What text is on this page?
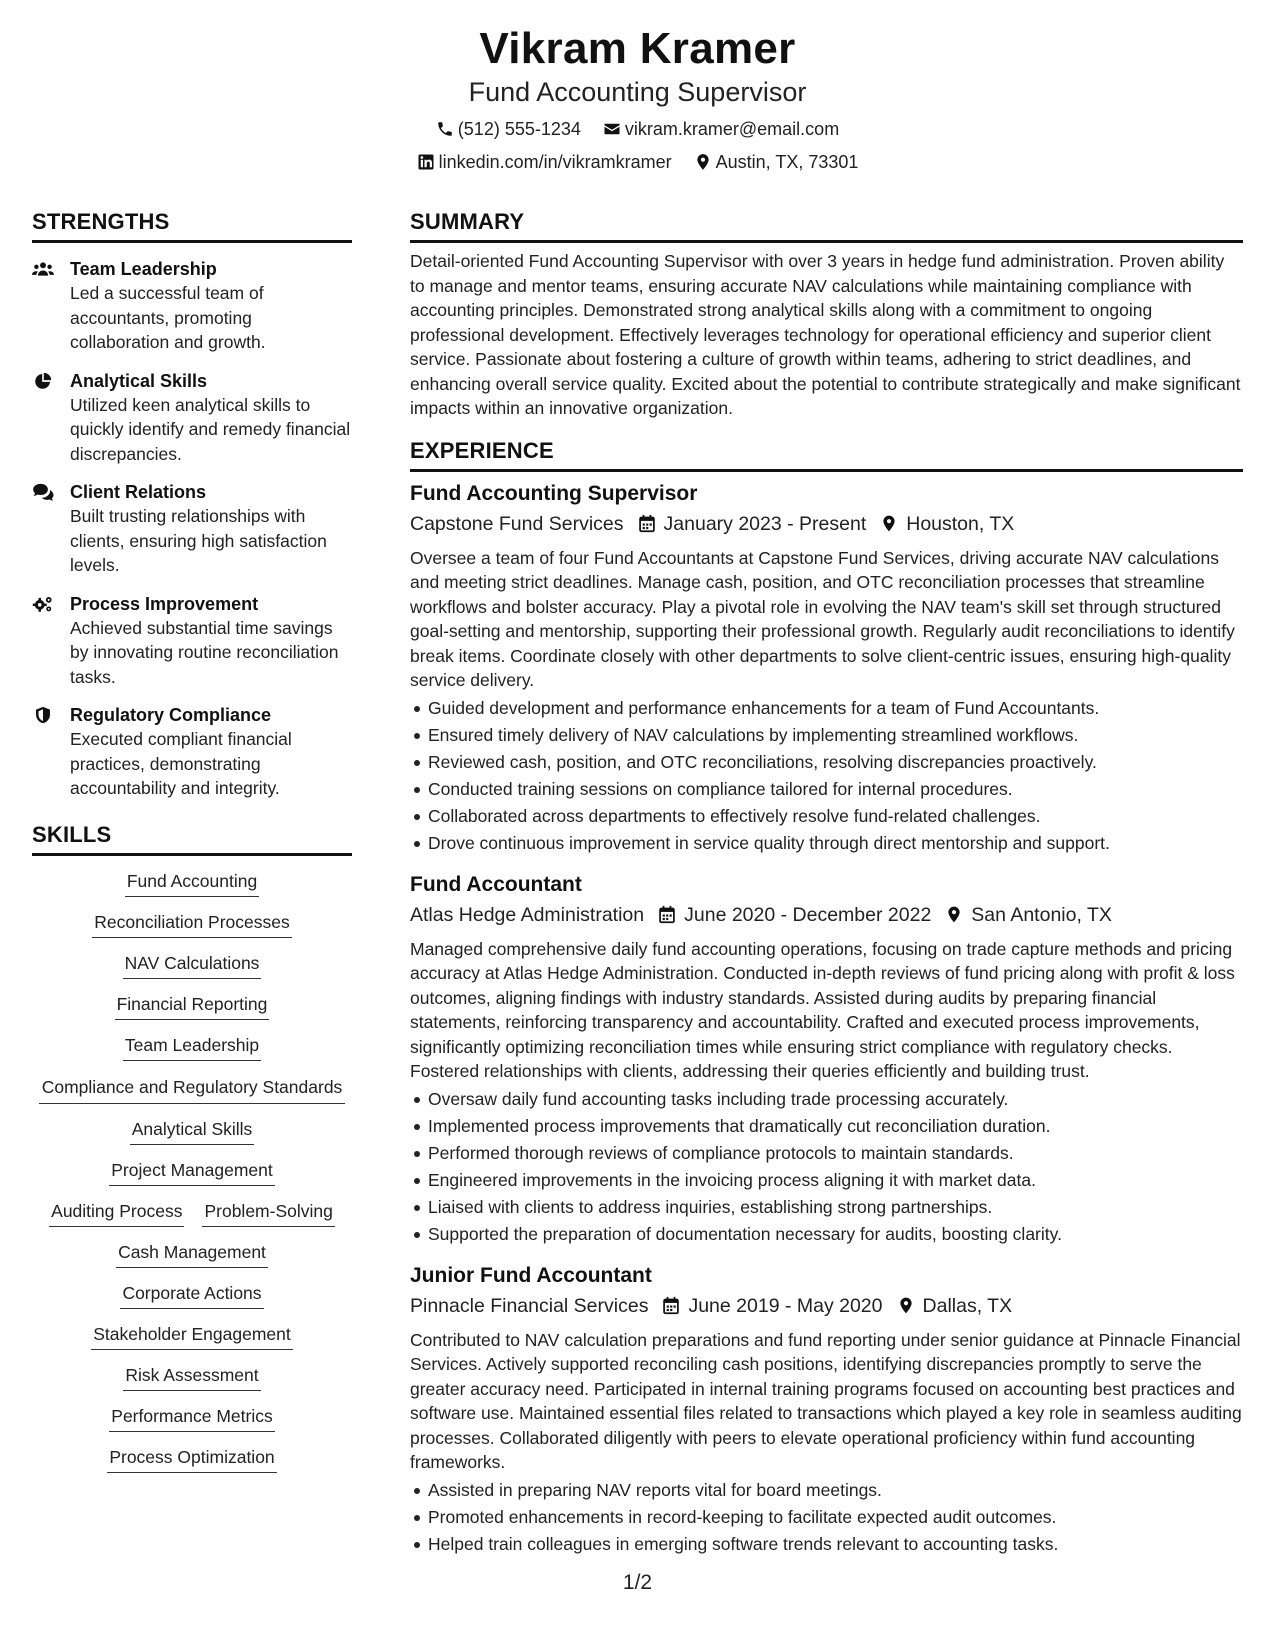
Vikram Kramer
Fund Accounting Supervisor
(512) 555-1234 vikram.kramer@email.com
linkedin.com/in/vikramkramer Austin, TX, 73301
STRENGTHS
Team Leadership
Led a successful team of accountants, promoting collaboration and growth.
Analytical Skills
Utilized keen analytical skills to quickly identify and remedy financial discrepancies.
Client Relations
Built trusting relationships with clients, ensuring high satisfaction levels.
Process Improvement
Achieved substantial time savings by innovating routine reconciliation tasks.
Regulatory Compliance
Executed compliant financial practices, demonstrating accountability and integrity.
SKILLS
Fund Accounting
Reconciliation Processes
NAV Calculations
Financial Reporting
Team Leadership
Compliance and Regulatory Standards
Analytical Skills
Project Management
Auditing Process Problem-Solving
Cash Management
Corporate Actions
Stakeholder Engagement
Risk Assessment
Performance Metrics
Process Optimization
SUMMARY
Detail-oriented Fund Accounting Supervisor with over 3 years in hedge fund administration. Proven ability to manage and mentor teams, ensuring accurate NAV calculations while maintaining compliance with accounting principles. Demonstrated strong analytical skills along with a commitment to ongoing professional development. Effectively leverages technology for operational efficiency and superior client service. Passionate about fostering a culture of growth within teams, adhering to strict deadlines, and enhancing overall service quality. Excited about the potential to contribute strategically and make significant impacts within an innovative organization.
EXPERIENCE
Fund Accounting Supervisor
Capstone Fund Services January 2023 - Present Houston, TX
Oversee a team of four Fund Accountants at Capstone Fund Services, driving accurate NAV calculations and meeting strict deadlines. Manage cash, position, and OTC reconciliation processes that streamline workflows and bolster accuracy. Play a pivotal role in evolving the NAV team's skill set through structured goal-setting and mentorship, supporting their professional growth. Regularly audit reconciliations to identify break items. Coordinate closely with other departments to solve client-centric issues, ensuring high-quality service delivery.
Guided development and performance enhancements for a team of Fund Accountants.
Ensured timely delivery of NAV calculations by implementing streamlined workflows.
Reviewed cash, position, and OTC reconciliations, resolving discrepancies proactively.
Conducted training sessions on compliance tailored for internal procedures.
Collaborated across departments to effectively resolve fund-related challenges.
Drove continuous improvement in service quality through direct mentorship and support.
Fund Accountant
Atlas Hedge Administration June 2020 - December 2022 San Antonio, TX
Managed comprehensive daily fund accounting operations, focusing on trade capture methods and pricing accuracy at Atlas Hedge Administration. Conducted in-depth reviews of fund pricing along with profit & loss outcomes, aligning findings with industry standards. Assisted during audits by preparing financial statements, reinforcing transparency and accountability. Crafted and executed process improvements, significantly optimizing reconciliation times while ensuring strict compliance with regulatory checks. Fostered relationships with clients, addressing their queries efficiently and building trust.
Oversaw daily fund accounting tasks including trade processing accurately.
Implemented process improvements that dramatically cut reconciliation duration.
Performed thorough reviews of compliance protocols to maintain standards.
Engineered improvements in the invoicing process aligning it with market data.
Liaised with clients to address inquiries, establishing strong partnerships.
Supported the preparation of documentation necessary for audits, boosting clarity.
Junior Fund Accountant
Pinnacle Financial Services June 2019 - May 2020 Dallas, TX
Contributed to NAV calculation preparations and fund reporting under senior guidance at Pinnacle Financial Services. Actively supported reconciling cash positions, identifying discrepancies promptly to serve the greater accuracy need. Participated in internal training programs focused on accounting best practices and software use. Maintained essential files related to transactions which played a key role in seamless auditing processes. Collaborated diligently with peers to elevate operational proficiency within fund accounting frameworks.
Assisted in preparing NAV reports vital for board meetings.
Promoted enhancements in record-keeping to facilitate expected audit outcomes.
Helped train colleagues in emerging software trends relevant to accounting tasks.
1/2
